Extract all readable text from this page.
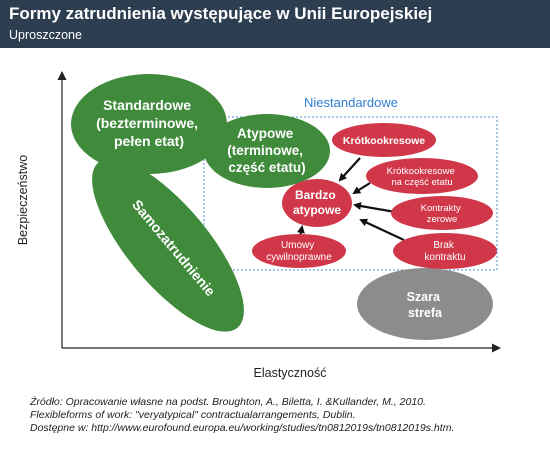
Formy zatrudnienia występujące w Unii Europejskiej
Uproszczone
Bezpieczeństwo
Elastyczność
Niestandardowe
Samozatrudnienie
Standardowe (bezterminowe, pełen etat)	Atypowe (terminowe, część etatu)
Szara strefa
Bardzo atypowe
Krótkookresowe
Krótkookresowe na część etatu
Kontrakty zerowe
Umowy cywilnoprawne
Brak kontraktu
Źródło: Opracowanie własne na podst. Broughton, A., Biletta, I. &Kullander, M., 2010.
Flexibleforms of work: "veryatypical" contractualarrangements, Dublin.
Dostępne w: http://www.eurofound.europa.eu/working/studies/tn0812019s/tn0812019s.htm.
